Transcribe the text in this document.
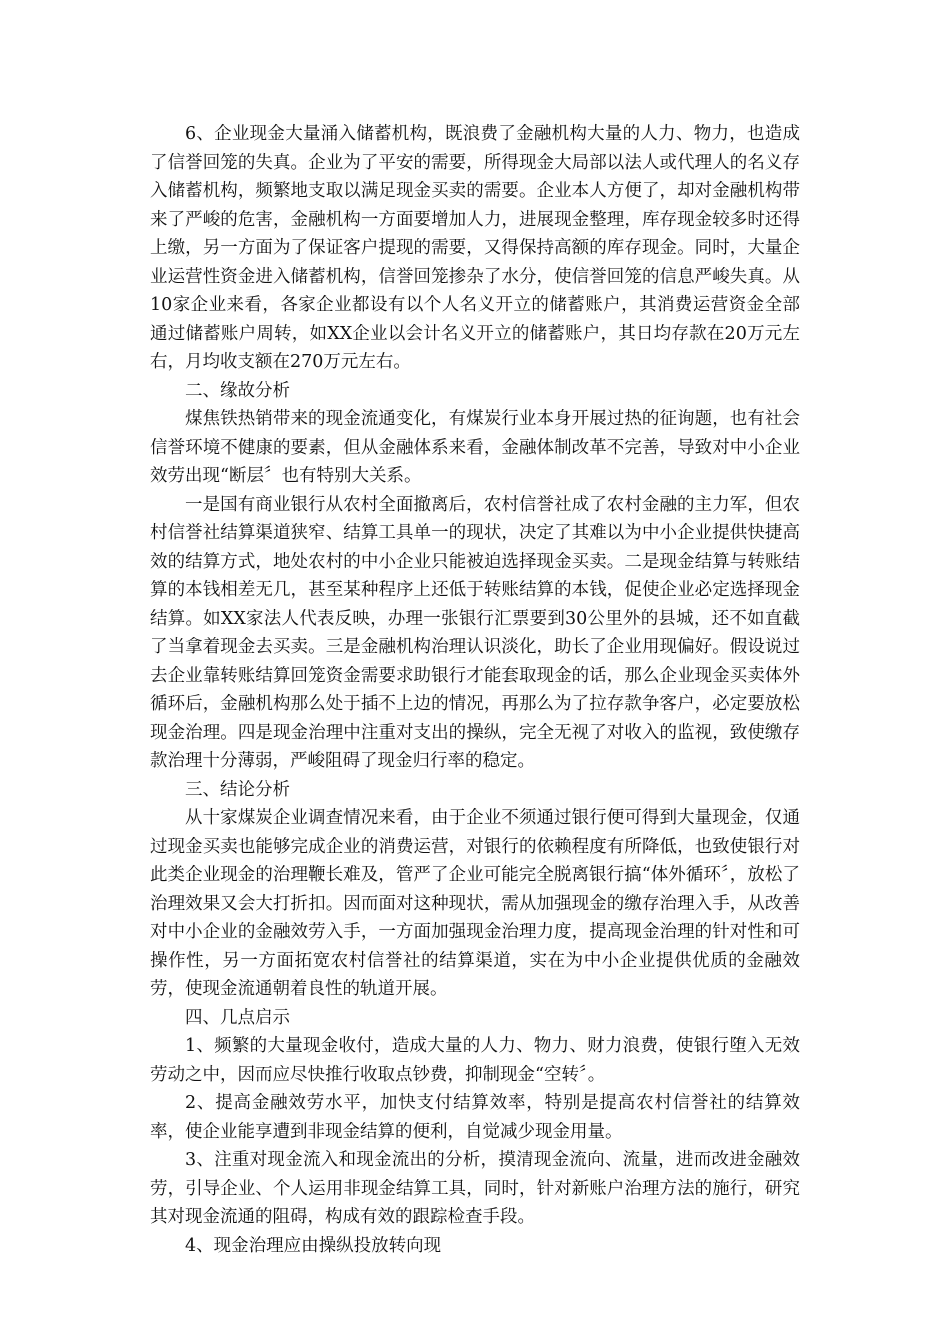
6、企业现金大量涌入储蓄机构，既浪费了金融机构大量的人力、物力，也造成了信誉回笼的失真。企业为了平安的需要，所得现金大局部以法人或代理人的名义存入储蓄机构，频繁地支取以满足现金买卖的需要。企业本人方便了，却对金融机构带来了严峻的危害，金融机构一方面要增加人力，进展现金整理，库存现金较多时还得上缴，另一方面为了保证客户提现的需要，又得保持高额的库存现金。同时，大量企业运营性资金进入储蓄机构，信誉回笼掺杂了水分，使信誉回笼的信息严峻失真。从10家企业来看，各家企业都设有以个人名义开立的储蓄账户，其消费运营资金全部通过储蓄账户周转，如XX企业以会计名义开立的储蓄账户，其日均存款在20万元左右，月均收支额在270万元左右。

二、缘故分析

煤焦铁热销带来的现金流通变化，有煤炭行业本身开展过热的征询题，也有社会信誉环境不健康的要素，但从金融体系来看，金融体制改革不完善，导致对中小企业效劳出现“断层〞也有特别大关系。

一是国有商业银行从农村全面撤离后，农村信誉社成了农村金融的主力军，但农村信誉社结算渠道狭窄、结算工具单一的现状，决定了其难以为中小企业提供快捷高效的结算方式，地处农村的中小企业只能被迫选择现金买卖。二是现金结算与转账结算的本钱相差无几，甚至某种程序上还低于转账结算的本钱，促使企业必定选择现金结算。如XX家法人代表反映，办理一张银行汇票要到30公里外的县城，还不如直截了当拿着现金去买卖。三是金融机构治理认识淡化，助长了企业用现偏好。假设说过去企业靠转账结算回笼资金需要求助银行才能套取现金的话，那么企业现金买卖体外循环后，金融机构那么处于插不上边的情况，再那么为了拉存款争客户，必定要放松现金治理。四是现金治理中注重对支出的操纵，完全无视了对收入的监视，致使缴存款治理十分薄弱，严峻阻碍了现金归行率的稳定。

三、结论分析

从十家煤炭企业调查情况来看，由于企业不须通过银行便可得到大量现金，仅通过现金买卖也能够完成企业的消费运营，对银行的依赖程度有所降低，也致使银行对此类企业现金的治理鞭长难及，管严了企业可能完全脱离银行搞“体外循环〞，放松了治理效果又会大打折扣。因而面对这种现状，需从加强现金的缴存治理入手，从改善对中小企业的金融效劳入手，一方面加强现金治理力度，提高现金治理的针对性和可操作性，另一方面拓宽农村信誉社的结算渠道，实在为中小企业提供优质的金融效劳，使现金流通朝着良性的轨道开展。

四、几点启示

1、频繁的大量现金收付，造成大量的人力、物力、财力浪费，使银行堕入无效劳动之中，因而应尽快推行收取点钞费，抑制现金“空转〞。

2、提高金融效劳水平，加快支付结算效率，特别是提高农村信誉社的结算效率，使企业能享遭到非现金结算的便利，自觉减少现金用量。

3、注重对现金流入和现金流出的分析，摸清现金流向、流量，进而改进金融效劳，引导企业、个人运用非现金结算工具，同时，针对新账户治理方法的施行，研究其对现金流通的阻碍，构成有效的跟踪检查手段。

4、现金治理应由操纵投放转向现
